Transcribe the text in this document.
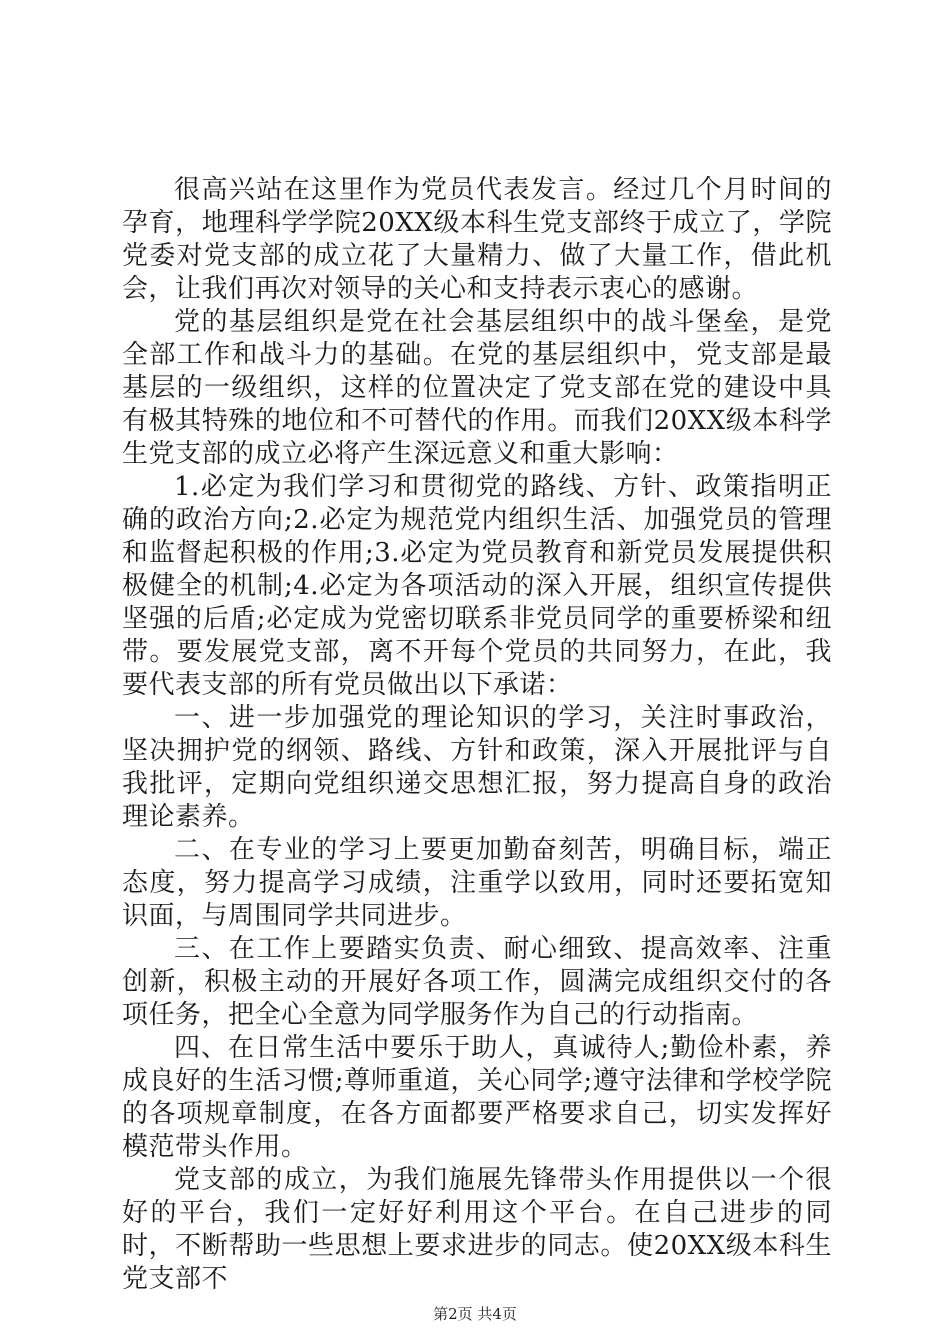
很高兴站在这里作为党员代表发言。经过几个月时间的孕育，地理科学学院20XX级本科生党支部终于成立了，学院党委对党支部的成立花了大量精力、做了大量工作，借此机会，让我们再次对领导的关心和支持表示衷心的感谢。

党的基层组织是党在社会基层组织中的战斗堡垒，是党全部工作和战斗力的基础。在党的基层组织中，党支部是最基层的一级组织，这样的位置决定了党支部在党的建设中具有极其特殊的地位和不可替代的作用。而我们20XX级本科学生党支部的成立必将产生深远意义和重大影响：

1.必定为我们学习和贯彻党的路线、方针、政策指明正确的政治方向;2.必定为规范党内组织生活、加强党员的管理和监督起积极的作用;3.必定为党员教育和新党员发展提供积极健全的机制;4.必定为各项活动的深入开展，组织宣传提供坚强的后盾;必定成为党密切联系非党员同学的重要桥梁和纽带。要发展党支部，离不开每个党员的共同努力，在此，我要代表支部的所有党员做出以下承诺：

一、进一步加强党的理论知识的学习，关注时事政治，坚决拥护党的纲领、路线、方针和政策，深入开展批评与自我批评，定期向党组织递交思想汇报，努力提高自身的政治理论素养。

二、在专业的学习上要更加勤奋刻苦，明确目标，端正态度，努力提高学习成绩，注重学以致用，同时还要拓宽知识面，与周围同学共同进步。

三、在工作上要踏实负责、耐心细致、提高效率、注重创新，积极主动的开展好各项工作，圆满完成组织交付的各项任务，把全心全意为同学服务作为自己的行动指南。

四、在日常生活中要乐于助人，真诚待人;勤俭朴素，养成良好的生活习惯;尊师重道，关心同学;遵守法律和学校学院的各项规章制度，在各方面都要严格要求自己，切实发挥好模范带头作用。

党支部的成立，为我们施展先锋带头作用提供以一个很好的平台，我们一定好好利用这个平台。在自己进步的同时，不断帮助一些思想上要求进步的同志。使20XX级本科生党支部不

第2页 共4页
